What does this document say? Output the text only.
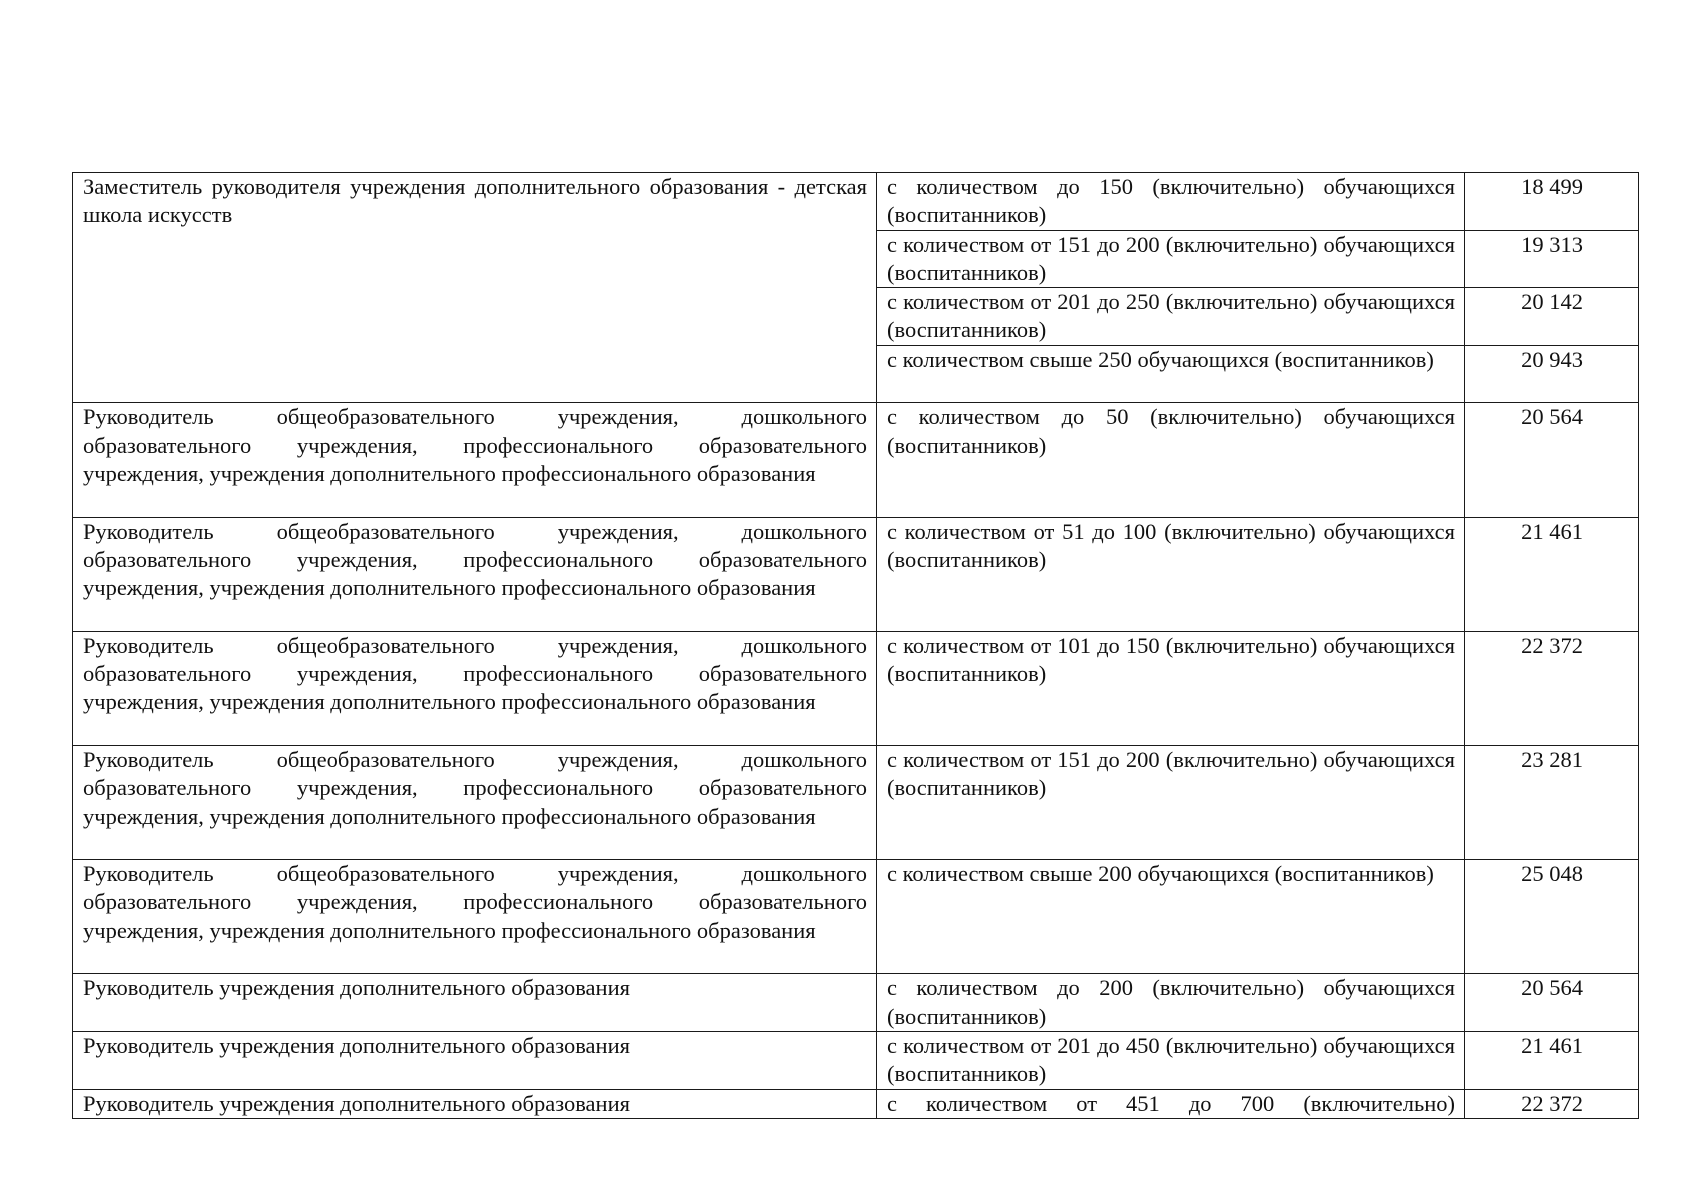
Заместитель руководителя учреждения дополнительного образования - детская школа искусств	с количеством до 150 (включительно) обучающихся (воспитанников)	18 499

	с количеством от 151 до 200 (включительно) обучающихся (воспитанников)	19 313

	с количеством от 201 до 250 (включительно) обучающихся (воспитанников)	20 142

	с количеством свыше 250 обучающихся (воспитанников)	20 943

Руководитель общеобразовательного учреждения, дошкольного образовательного учреждения, профессионального образовательного учреждения, учреждения дополнительного профессионального образования	с количеством до 50 (включительно) обучающихся (воспитанников)	20 564

Руководитель общеобразовательного учреждения, дошкольного образовательного учреждения, профессионального образовательного учреждения, учреждения дополнительного профессионального образования	с количеством от 51 до 100 (включительно) обучающихся (воспитанников)	21 461

Руководитель общеобразовательного учреждения, дошкольного образовательного учреждения, профессионального образовательного учреждения, учреждения дополнительного профессионального образования	с количеством от 101 до 150 (включительно) обучающихся (воспитанников)	22 372

Руководитель общеобразовательного учреждения, дошкольного образовательного учреждения, профессионального образовательного учреждения, учреждения дополнительного профессионального образования	с количеством от 151 до 200 (включительно) обучающихся (воспитанников)	23 281

Руководитель общеобразовательного учреждения, дошкольного образовательного учреждения, профессионального образовательного учреждения, учреждения дополнительного профессионального образования	с количеством свыше 200 обучающихся (воспитанников)	25 048

Руководитель учреждения дополнительного образования	с количеством до 200 (включительно) обучающихся (воспитанников)	20 564

Руководитель учреждения дополнительного образования	с количеством от 201 до 450 (включительно) обучающихся (воспитанников)	21 461

Руководитель учреждения дополнительного образования	с количеством от 451 до 700 (включительно)	22 372
